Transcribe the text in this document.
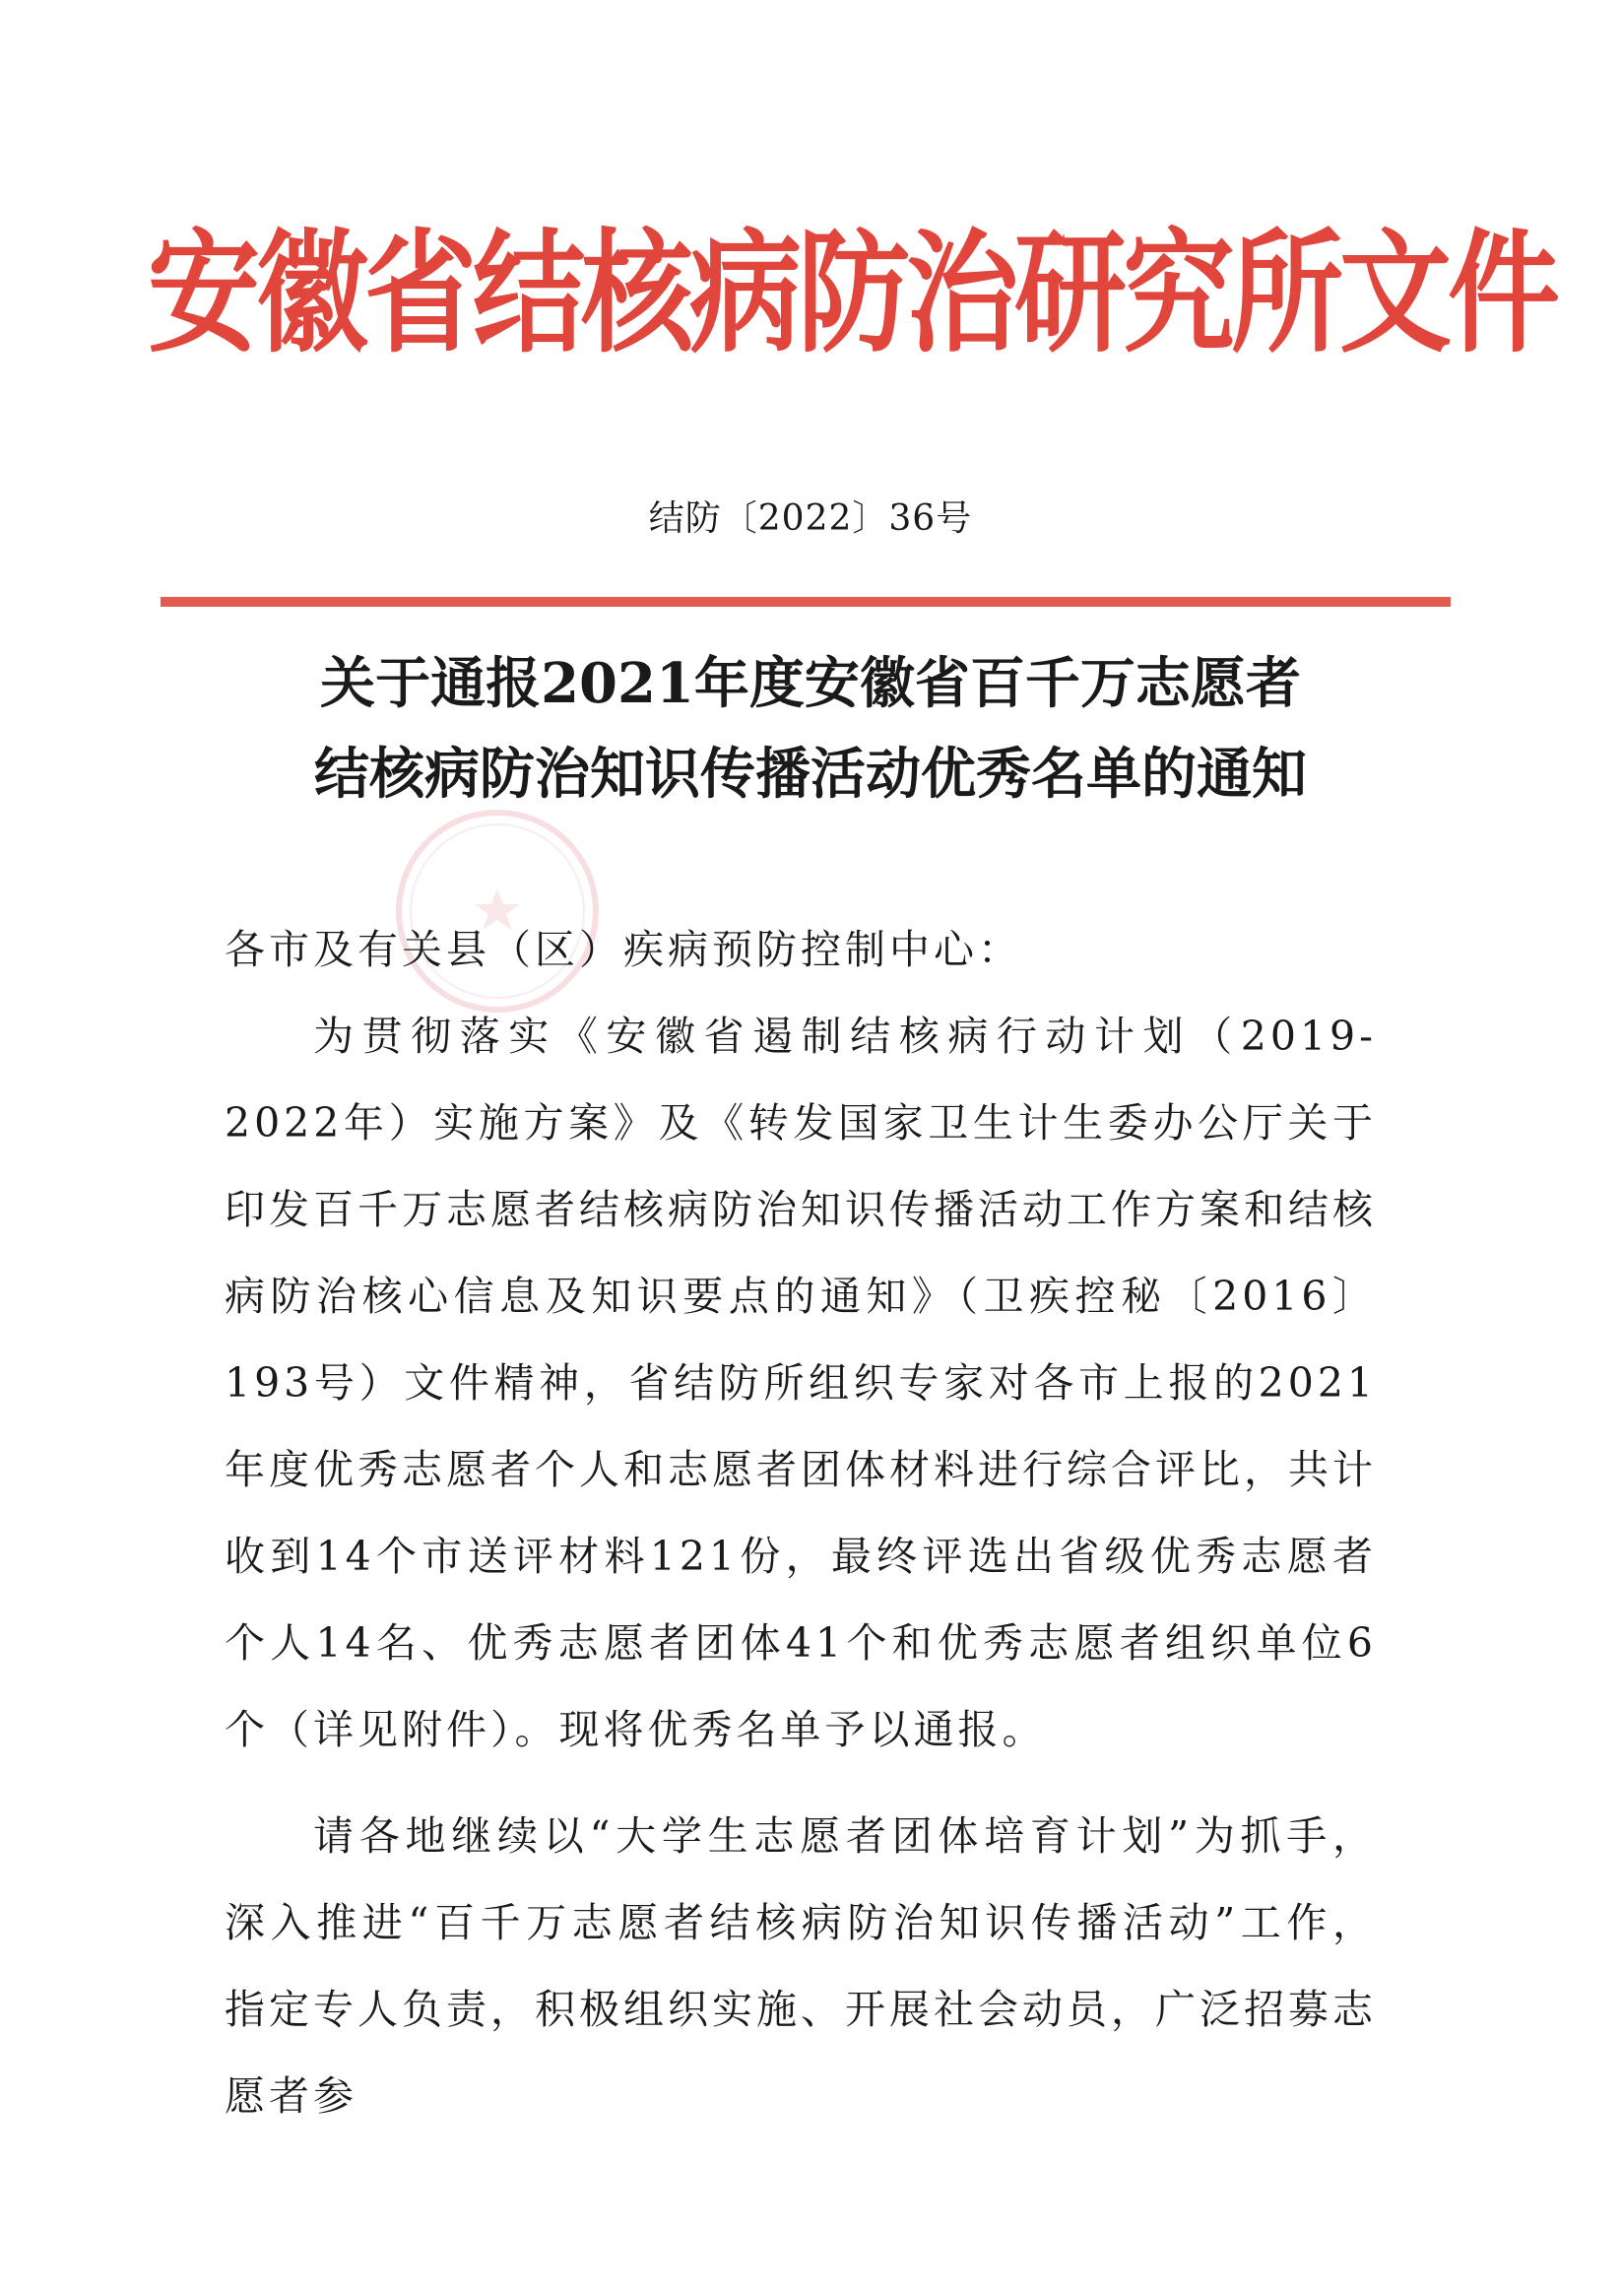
安徽省结核病防治研究所文件
结防〔2022〕36号
关于通报2021年度安徽省百千万志愿者
结核病防治知识传播活动优秀名单的通知

各市及有关县（区）疾病预防控制中心：

为贯彻落实《安徽省遏制结核病行动计划（2019-2022年）实施方案》及《转发国家卫生计生委办公厅关于印发百千万志愿者结核病防治知识传播活动工作方案和结核病防治核心信息及知识要点的通知》（卫疾控秘〔2016〕193号）文件精神，省结防所组织专家对各市上报的2021年度优秀志愿者个人和志愿者团体材料进行综合评比，共计收到14个市送评材料121份，最终评选出省级优秀志愿者个人14名、优秀志愿者团体41个和优秀志愿者组织单位6个（详见附件）。现将优秀名单予以通报。

请各地继续以“大学生志愿者团体培育计划”为抓手，深入推进“百千万志愿者结核病防治知识传播活动”工作，指定专人负责，积极组织实施、开展社会动员，广泛招募志愿者参
